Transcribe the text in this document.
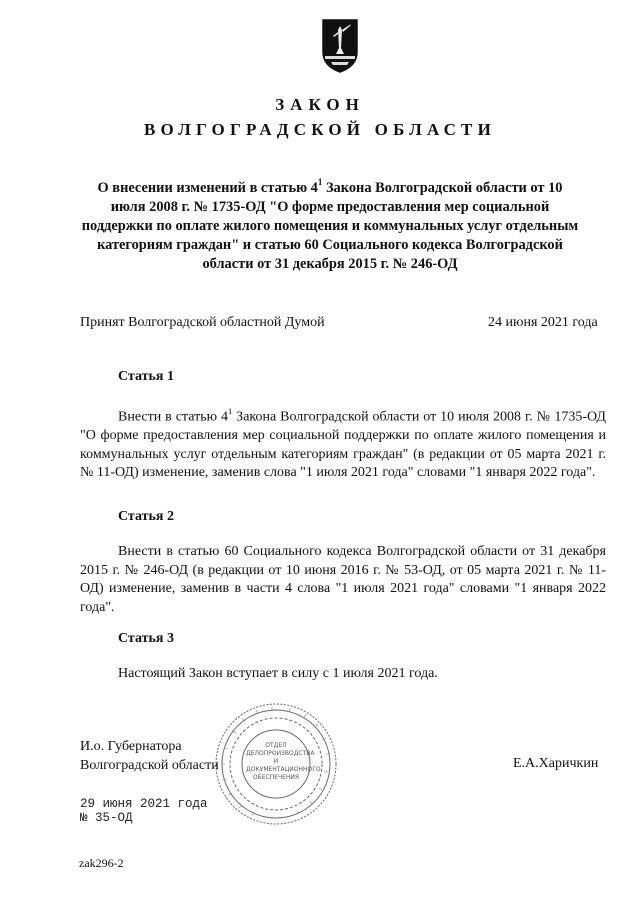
ЗАКОН
ВОЛГОГРАДСКОЙ ОБЛАСТИ
О внесении изменений в статью $4^1$ Закона Волгоградской области от 10 июля 2008 г. № 1735-ОД "О форме предоставления мер социальной поддержки по оплате жилого помещения и коммунальных услуг отдельным категориям граждан" и статью 60 Социального кодекса Волгоградской области от 31 декабря 2015 г. № 246-ОД
Принят Волгоградской областной Думой	24 июня 2021 года
Статья 1
Внести в статью $4^1$ Закона Волгоградской области от 10 июля 2008 г. № 1735-ОД "О форме предоставления мер социальной поддержки по оплате жилого помещения и коммунальных услуг отдельным категориям граждан" (в редакции от 05 марта 2021 г. № 11-ОД) изменение, заменив слова "1 июля 2021 года" словами "1 января 2022 года".
Статья 2
Внести в статью 60 Социального кодекса Волгоградской области от 31 декабря 2015 г. № 246-ОД (в редакции от 10 июня 2016 г. № 53-ОД, от 05 марта 2021 г. № 11-ОД) изменение, заменив в части 4 слова "1 июля 2021 года" словами "1 января 2022 года".
Статья 3
Настоящий Закон вступает в силу с 1 июля 2021 года.
ОТДЕЛ
ДЕЛОПРОИЗВОДСТВА
И ДОКУМЕНТАЦИОННОГО
ОБЕСПЕЧЕНИЯ
И.о. Губернатора
Волгоградской области	Е.А.Харичкин
29 июня 2021 года
№ 35-ОД
zak296-2
